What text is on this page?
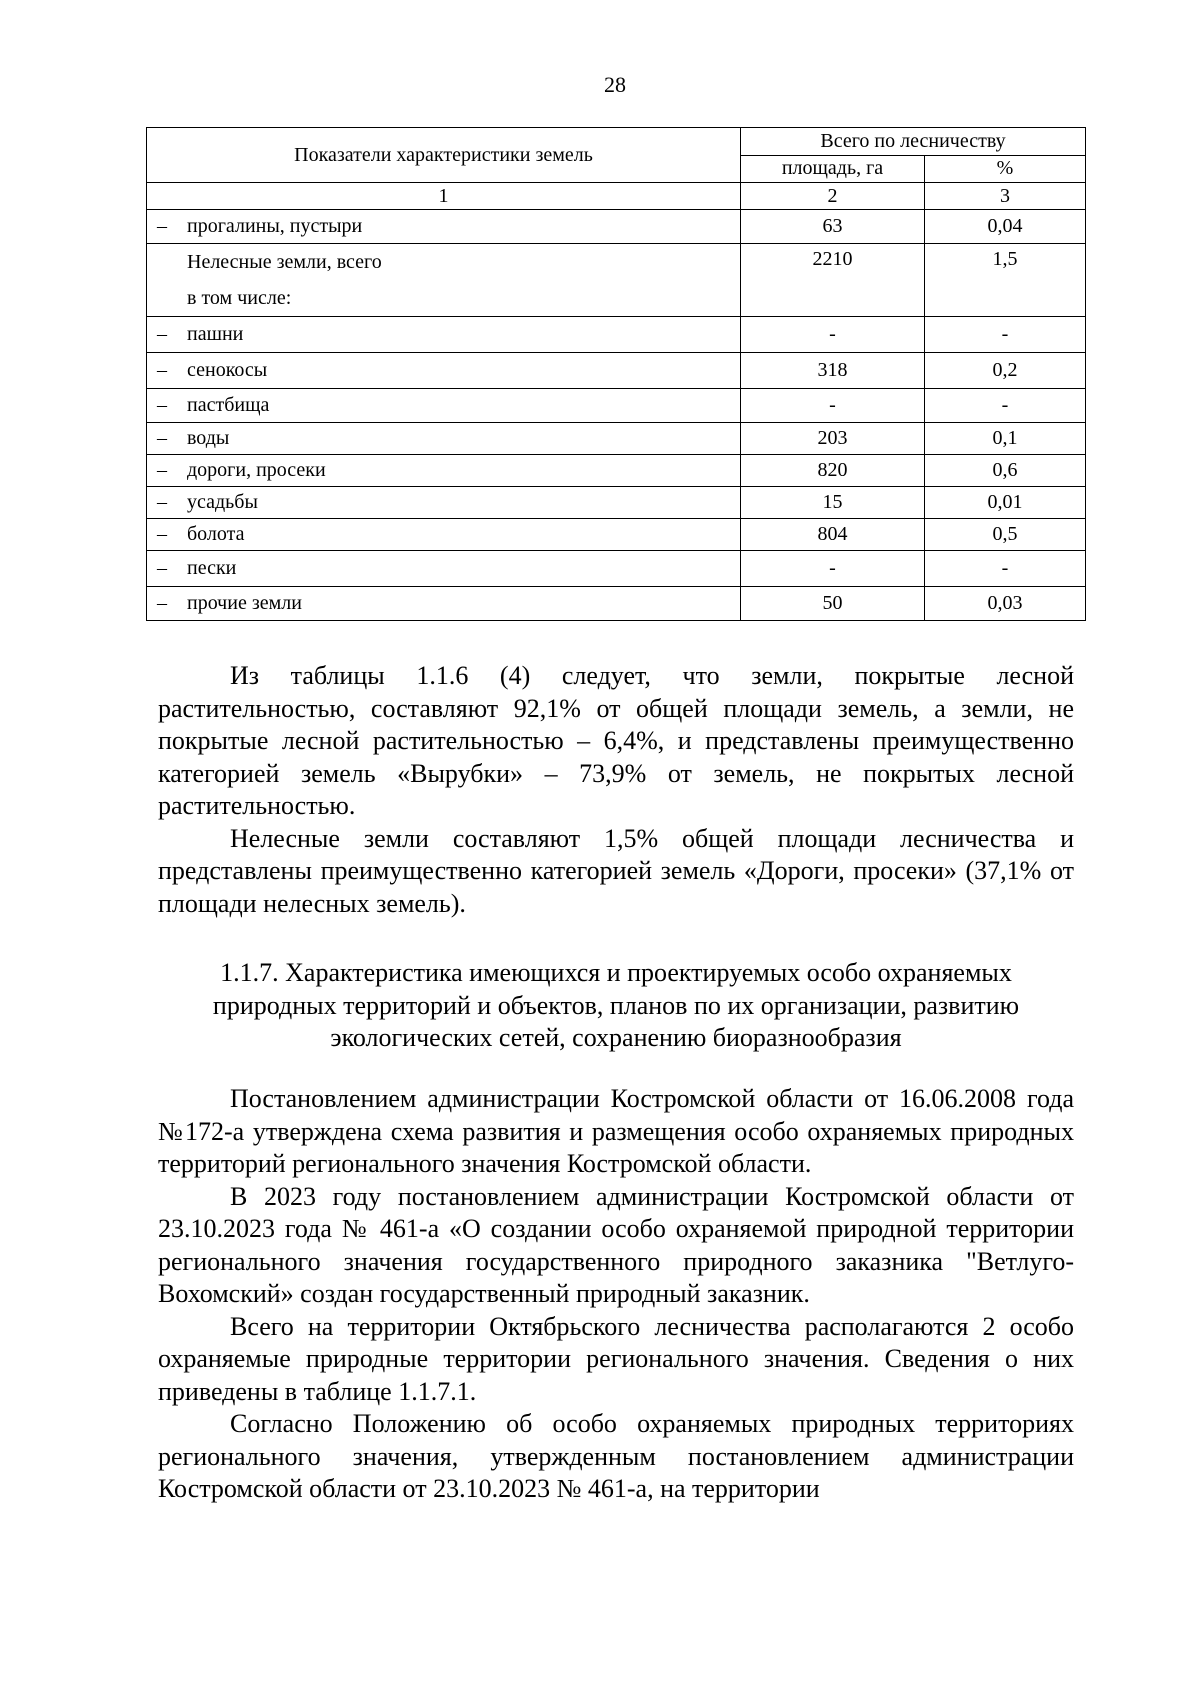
28
Показатели характеристики земель	Всего по лесничеству	
	площадь, га	%
1	2	3

– прогалины, пустыри	63	0,04

Нелесные земли, всего
в том числе:	2210	1,5

– пашни	-	-

– сенокосы	318	0,2

– пастбища	-	-

– воды	203	0,1

– дороги, просеки	820	0,6

– усадьбы	15	0,01

– болота	804	0,5

– пески	-	-

– прочие земли	50	0,03

Из таблицы 1.1.6 (4) следует, что земли, покрытые лесной растительностью, составляют 92,1% от общей площади земель, а земли, не покрытые лесной растительностью – 6,4%, и представлены преимущественно категорией земель «Вырубки» – 73,9% от земель, не покрытых лесной растительностью.

Нелесные земли составляют 1,5% общей площади лесничества и представлены преимущественно категорией земель «Дороги, просеки» (37,1% от площади нелесных земель).

1.1.7. Характеристика имеющихся и проектируемых особо охраняемых природных территорий и объектов, планов по их организации, развитию экологических сетей, сохранению биоразнообразия

Постановлением администрации Костромской области от 16.06.2008 года №172-а утверждена схема развития и размещения особо охраняемых природных территорий регионального значения Костромской области.

В 2023 году постановлением администрации Костромской области от 23.10.2023 года № 461-а «О создании особо охраняемой природной территории регионального значения государственного природного заказника "Ветлуго-Вохомский» создан государственный природный заказник.

Всего на территории Октябрьского лесничества располагаются 2 особо охраняемые природные территории регионального значения. Сведения о них приведены в таблице 1.1.7.1.

Согласно Положению об особо охраняемых природных территориях регионального значения, утвержденным постановлением администрации Костромской области от 23.10.2023 № 461-а, на территории
